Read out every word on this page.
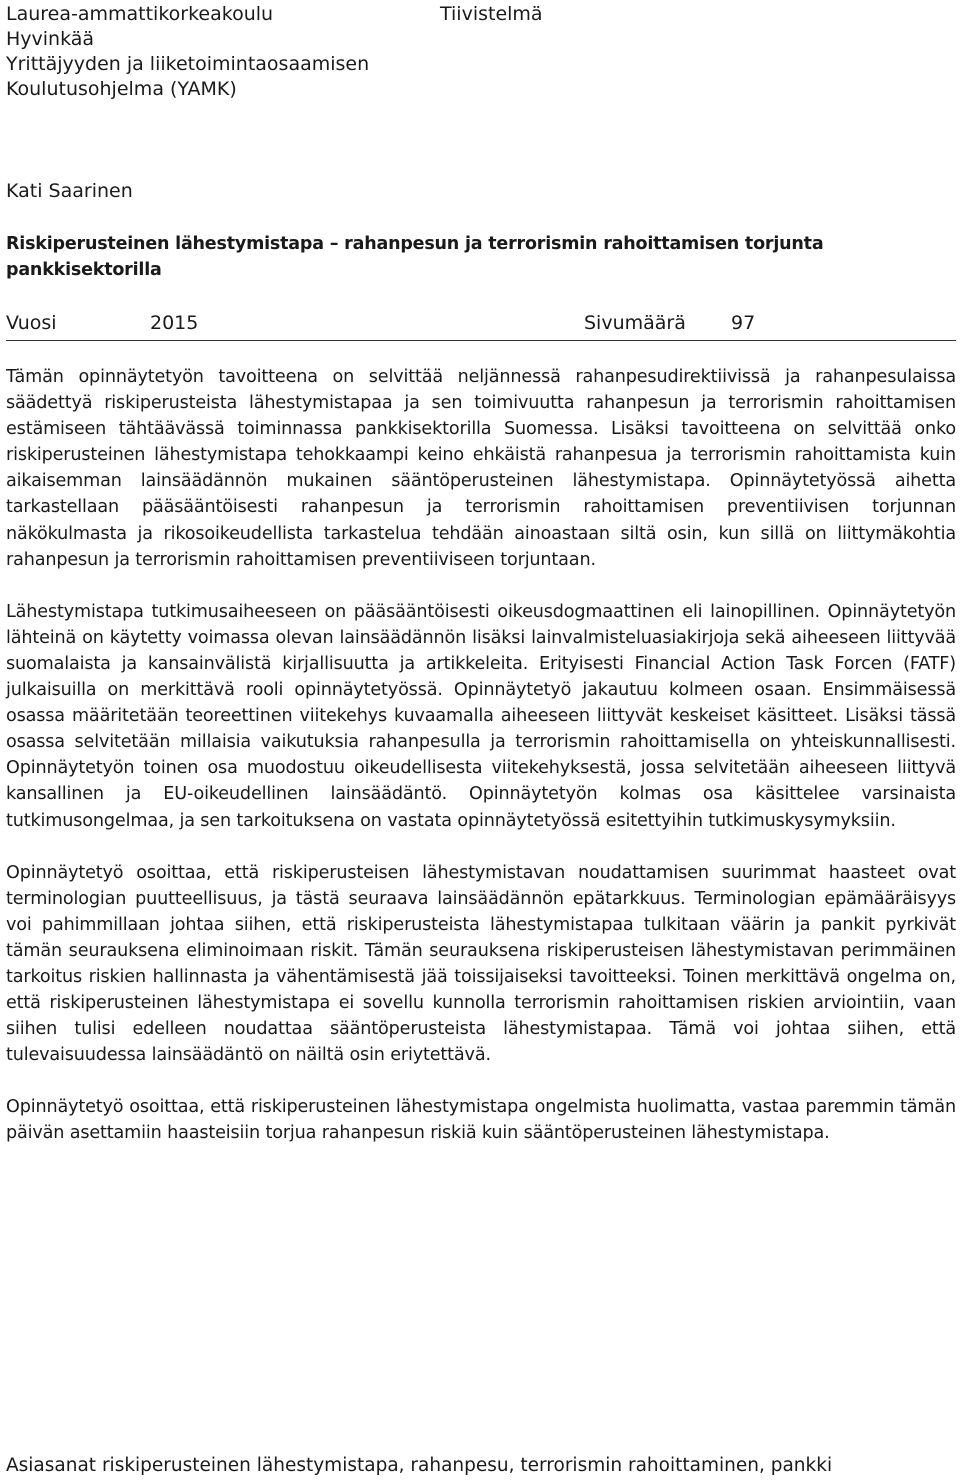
Laurea-ammattikorkeakoulu
Hyvinkää
Yrittäjyyden ja liiketoimintaosaamisen
Koulutusohjelma (YAMK)
Tiivistelmä
Kati Saarinen
Riskiperusteinen lähestymistapa – rahanpesun ja terrorismin rahoittamisen torjunta pankkisektorilla
Vuosi	2015	Sivumäärä 97

Tämän opinnäytetyön tavoitteena on selvittää neljännessä rahanpesudirektiivissä ja rahanpesulaissa säädettyä riskiperusteista lähestymistapaa ja sen toimivuutta rahanpesun ja terrorismin rahoittamisen estämiseen tähtäävässä toiminnassa pankkisektorilla Suomessa. Lisäksi tavoitteena on selvittää onko riskiperusteinen lähestymistapa tehokkaampi keino ehkäistä rahanpesua ja terrorismin rahoittamista kuin aikaisemman lainsäädännön mukainen sääntöperusteinen lähestymistapa. Opinnäytetyössä aihetta tarkastellaan pääsääntöisesti rahanpesun ja terrorismin rahoittamisen preventiivisen torjunnan näkökulmasta ja rikosoikeudellista tarkastelua tehdään ainoastaan siltä osin, kun sillä on liittymäkohtia rahanpesun ja terrorismin rahoittamisen preventiiviseen torjuntaan.

Lähestymistapa tutkimusaiheeseen on pääsääntöisesti oikeusdogmaattinen eli lainopillinen. Opinnäytetyön lähteinä on käytetty voimassa olevan lainsäädännön lisäksi lainvalmisteluasiakirjoja sekä aiheeseen liittyvää suomalaista ja kansainvälistä kirjallisuutta ja artikkeleita. Erityisesti Financial Action Task Forcen (FATF) julkaisuilla on merkittävä rooli opinnäytetyössä. Opinnäytetyö jakautuu kolmeen osaan. Ensimmäisessä osassa määritetään teoreettinen viitekehys kuvaamalla aiheeseen liittyvät keskeiset käsitteet. Lisäksi tässä osassa selvitetään millaisia vaikutuksia rahanpesulla ja terrorismin rahoittamisella on yhteiskunnallisesti. Opinnäytetyön toinen osa muodostuu oikeudellisesta viitekehyksestä, jossa selvitetään aiheeseen liittyvä kansallinen ja EU-oikeudellinen lainsäädäntö. Opinnäytetyön kolmas osa käsittelee varsinaista tutkimusongelmaa, ja sen tarkoituksena on vastata opinnäytetyössä esitettyihin tutkimuskysymyksiin.

Opinnäytetyö osoittaa, että riskiperusteisen lähestymistavan noudattamisen suurimmat haasteet ovat terminologian puutteellisuus, ja tästä seuraava lainsäädännön epätarkkuus. Terminologian epämääräisyys voi pahimmillaan johtaa siihen, että riskiperusteista lähestymistapaa tulkitaan väärin ja pankit pyrkivät tämän seurauksena eliminoimaan riskit. Tämän seurauksena riskiperusteisen lähestymistavan perimmäinen tarkoitus riskien hallinnasta ja vähentämisestä jää toissijaiseksi tavoitteeksi. Toinen merkittävä ongelma on, että riskiperusteinen lähestymistapa ei sovellu kunnolla terrorismin rahoittamisen riskien arviointiin, vaan siihen tulisi edelleen noudattaa sääntöperusteista lähestymistapaa. Tämä voi johtaa siihen, että tulevaisuudessa lainsäädäntö on näiltä osin eriytettävä.

Opinnäytetyö osoittaa, että riskiperusteinen lähestymistapa ongelmista huolimatta, vastaa paremmin tämän päivän asettamiin haasteisiin torjua rahanpesun riskiä kuin sääntöperusteinen lähestymistapa.

Asiasanat riskiperusteinen lähestymistapa, rahanpesu, terrorismin rahoittaminen, pankki
